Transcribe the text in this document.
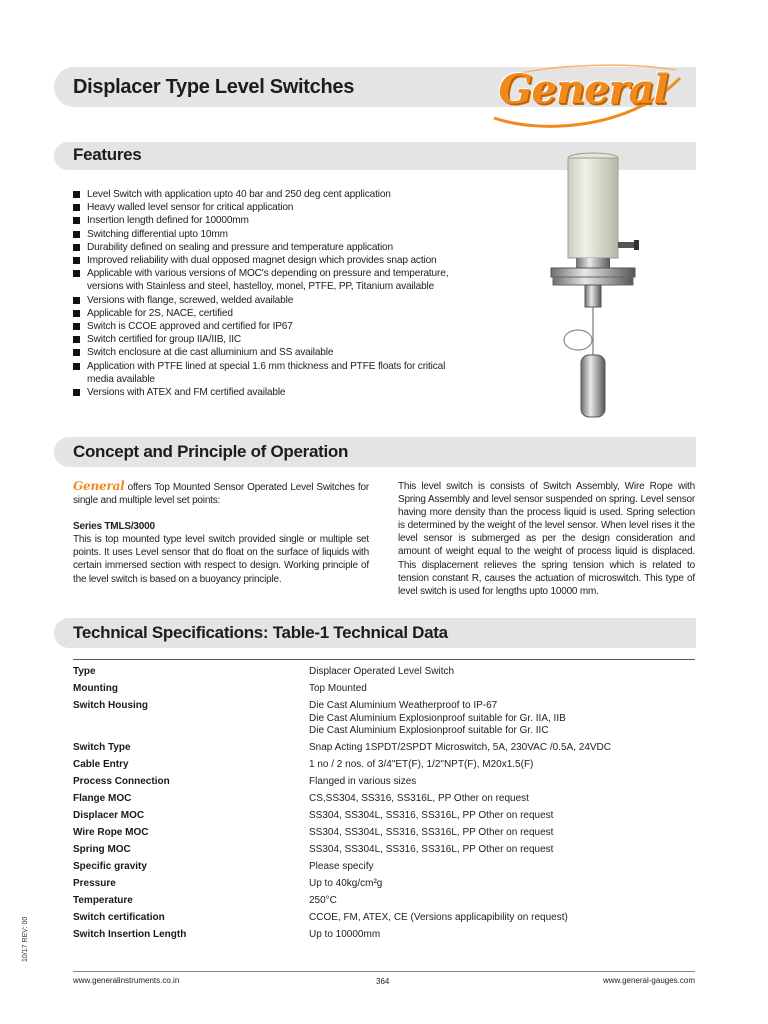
Displacer Type Level Switches	General
Features
Level Switch with application upto 40 bar and 250 deg cent application
Heavy walled level sensor for critical application
Insertion length defined for 10000mm
Switching differential upto 10mm
Durability defined on sealing and pressure and temperature application
Improved reliability with dual opposed magnet design which provides snap action
Applicable with various versions of MOC's depending on pressure and temperature, versions with Stainless and steel, hastelloy, monel, PTFE, PP, Titanium available
Versions with flange, screwed, welded available
Applicable for 2S, NACE, certified
Switch is CCOE approved and certified for IP67
Switch certified for group IIA/IIB, IIC
Switch enclosure at die cast alluminium and SS available
Application with PTFE lined at special 1.6 mm thickness and PTFE floats for critical media available
Versions with ATEX and FM certified available
Concept and Principle of Operation

General offers Top Mounted Sensor Operated Level Switches for single and multiple level set points:

Series TMLS/3000

This is top mounted type level switch provided single or multiple set points. It uses Level sensor that do float on the surface of liquids with certain immersed section with respect to design. Working principle of the level switch is based on a buoyancy principle.

This level switch is consists of Switch Assembly, Wire Rope with Spring Assembly and level sensor suspended on spring. Level sensor having more density than the process liquid is used. Spring selection is determined by the weight of the level sensor. When level rises it the level sensor is submerged as per the design consideration and amount of weight equal to the weight of process liquid is displaced. This displacement relieves the spring tension which is related to tension constant R, causes the actuation of microswitch. This type of level switch is used for lengths upto 10000 mm.

Technical Specifications: Table-1 Technical Data
Type	Displacer Operated Level Switch
Mounting	Top Mounted
Switch Housing	Die Cast Aluminium Weatherproof to IP-67
Die Cast Aluminium Explosionproof suitable for Gr. IIA, IIB
Die Cast Aluminium Explosionproof suitable for Gr. IIC
Switch Type	Snap Acting 1SPDT/2SPDT Microswitch, 5A, 230VAC /0.5A, 24VDC
Cable Entry	1 no / 2 nos. of 3/4"ET(F), 1/2"NPT(F), M20x1.5(F)
Process Connection	Flanged in various sizes
Flange MOC	CS,SS304, SS316, SS316L, PP Other on request
Displacer MOC	SS304, SS304L, SS316, SS316L, PP Other on request
Wire Rope MOC	SS304, SS304L, SS316, SS316L, PP Other on request
Spring MOC	SS304, SS304L, SS316, SS316L, PP Other on request
Specific gravity	Please specify
Pressure	Up to 40kg/cm²g
Temperature	250°C
Switch certification	CCOE, FM, ATEX, CE (Versions applicapibility on request)
Switch Insertion Length	Up to 10000mm
www.generalinstruments.co.in	364	www.general-gauges.com
10/17 REV: 00
